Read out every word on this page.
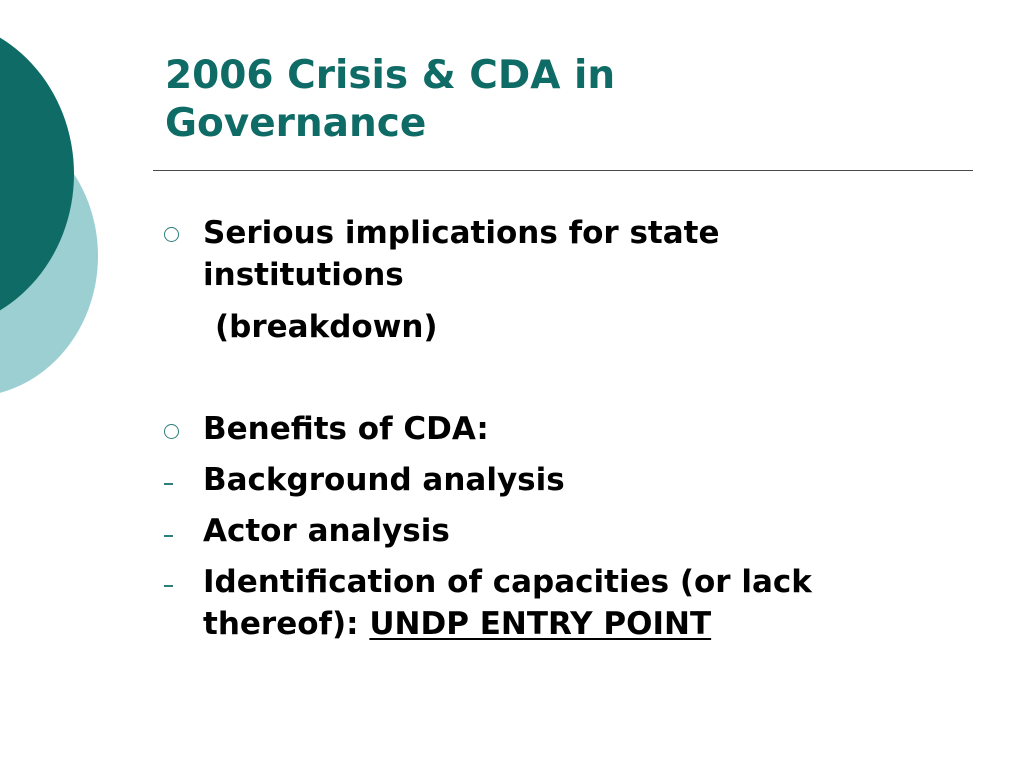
2006 Crisis & CDA in
Governance

Serious implications for state
institutions

(breakdown)

Benefits of CDA:

Background analysis

Actor analysis

Identification of capacities (or lack
thereof): UNDP ENTRY POINT
